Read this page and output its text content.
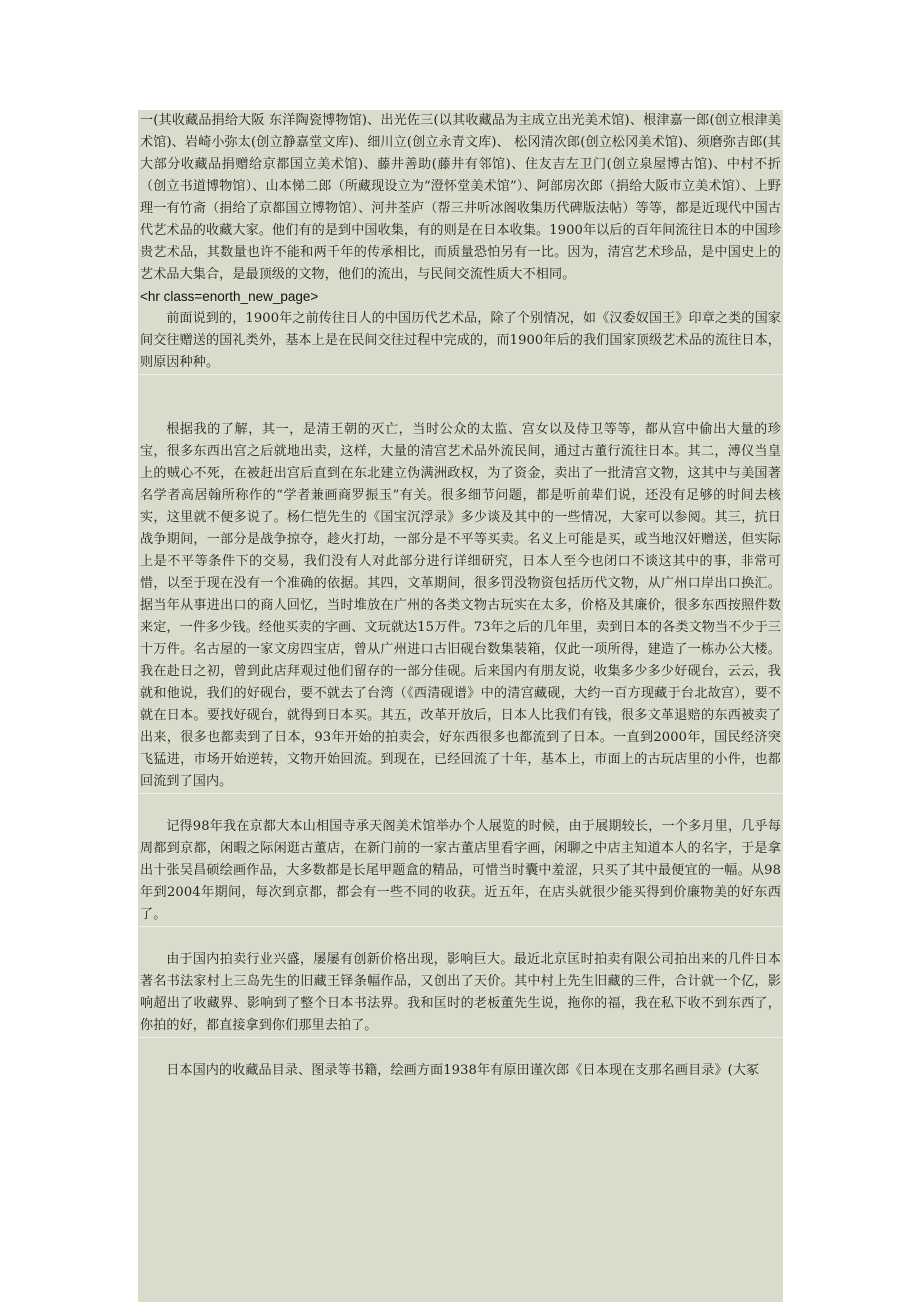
一(其收藏品捐给大阪 东洋陶瓷博物馆)、出光佐三(以其收藏品为主成立出光美术馆)、根津嘉一郎(创立根津美术馆)、岩崎小弥太(创立静嘉堂文库)、细川立(创立永青文库)、 松冈清次郎(创立松冈美术馆)、须磨弥吉郎(其大部分收藏品捐赠给京都国立美术馆)、藤井善助(藤井有邻馆)、住友吉左卫门(创立泉屋博古馆)、中村不折（创立书道博物馆）、山本悌二郎（所藏现设立为“澄怀堂美术馆”）、阿部房次郎（捐给大阪市立美术馆）、上野理一有竹斋（捐给了京都国立博物馆）、河井荃庐（帮三井听冰阁收集历代碑版法帖）等等，都是近现代中国古代艺术品的收藏大家。他们有的是到中国收集，有的则是在日本收集。1900年以后的百年间流往日本的中国珍贵艺术品，其数量也许不能和两千年的传承相比，而质量恐怕另有一比。因为，清宫艺术珍品，是中国史上的艺术品大集合，是最顶级的文物，他们的流出，与民间交流性质大不相同。

<hr class=enorth_new_page>

前面说到的，1900年之前传往日人的中国历代艺术品，除了个别情况，如《汉委奴国王》印章之类的国家间交往赠送的国礼类外，基本上是在民间交往过程中完成的，而1900年后的我们国家顶级艺术品的流往日本，则原因种种。

根据我的了解，其一，是清王朝的灭亡，当时公众的太监、宫女以及侍卫等等，都从宫中偷出大量的珍宝，很多东西出宫之后就地出卖，这样，大量的清宫艺术品外流民间，通过古董行流往日本。其二，溥仪当皇上的贼心不死，在被赶出宫后直到在东北建立伪满洲政权，为了资金，卖出了一批清宫文物，这其中与美国著名学者高居翰所称作的“学者兼画商罗振玉”有关。很多细节问题，都是听前辈们说，还没有足够的时间去核实，这里就不便多说了。杨仁恺先生的《国宝沉浮录》多少谈及其中的一些情况，大家可以参阅。其三，抗日战争期间，一部分是战争掠夺，趁火打劫，一部分是不平等买卖。名义上可能是买，或当地汉奸赠送，但实际上是不平等条件下的交易，我们没有人对此部分进行详细研究，日本人至今也闭口不谈这其中的事，非常可惜，以至于现在没有一个准确的依据。其四，文革期间，很多罚没物资包括历代文物，从广州口岸出口换汇。据当年从事进出口的商人回忆，当时堆放在广州的各类文物古玩实在太多，价格及其廉价，很多东西按照件数来定，一件多少钱。经他买卖的字画、文玩就达15万件。73年之后的几年里，卖到日本的各类文物当不少于三十万件。名古屋的一家文房四宝店，曾从广州进口古旧砚台数集装箱，仅此一项所得，建造了一栋办公大楼。我在赴日之初，曾到此店拜观过他们留存的一部分佳砚。后来国内有朋友说，收集多少多少好砚台，云云，我就和他说，我们的好砚台，要不就去了台湾（《西清砚谱》中的清宫藏砚，大约一百方现藏于台北故宫），要不就在日本。要找好砚台，就得到日本买。其五，改革开放后，日本人比我们有钱，很多文革退赔的东西被卖了出来，很多也都卖到了日本，93年开始的拍卖会，好东西很多也都流到了日本。一直到2000年，国民经济突飞猛进，市场开始逆转，文物开始回流。到现在，已经回流了十年，基本上，市面上的古玩店里的小件，也都回流到了国内。

记得98年我在京都大本山相国寺承天阁美术馆举办个人展览的时候，由于展期较长，一个多月里，几乎每周都到京都，闲暇之际闲逛古董店，在新门前的一家古董店里看字画，闲聊之中店主知道本人的名字，于是拿出十张吴昌硕绘画作品，大多数都是长尾甲题盒的精品，可惜当时囊中羞涩，只买了其中最便宜的一幅。从98年到2004年期间，每次到京都，都会有一些不同的收获。近五年，在店头就很少能买得到价廉物美的好东西了。

由于国内拍卖行业兴盛，屡屡有创新价格出现，影响巨大。最近北京匡时拍卖有限公司拍出来的几件日本著名书法家村上三岛先生的旧藏王铎条幅作品，又创出了天价。其中村上先生旧藏的三件，合计就一个亿，影响超出了收藏界、影响到了整个日本书法界。我和匡时的老板董先生说，拖你的福，我在私下收不到东西了，你拍的好，都直接拿到你们那里去拍了。

日本国内的收藏品目录、图录等书籍，绘画方面1938年有原田谨次郎《日本现在支那名画目录》(大冢
